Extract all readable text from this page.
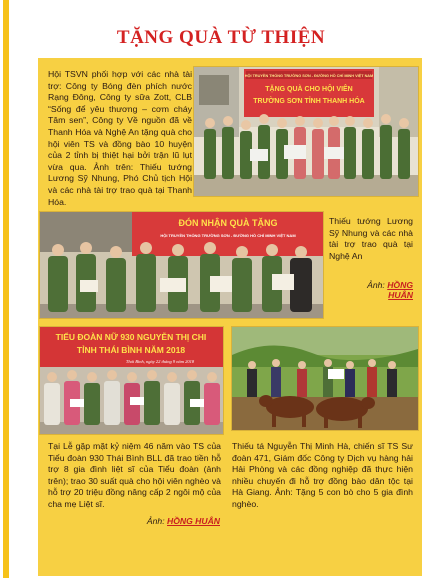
TẶNG QUÀ TỪ THIỆN

Hội TSVN phối hợp với các nhà tài trợ: Công ty Bóng đèn phích nước Rạng Đông, Công ty sữa Zott, CLB “Sống để yêu thương – cơm cháy Tâm sen”, Công ty Về nguồn đã về Thanh Hóa và Nghệ An tặng quà cho hội viên TS và đồng bào 10 huyện của 2 tỉnh bị thiệt hại bởi trận lũ lụt vừa qua. Ảnh trên: Thiếu tướng Lương Sỹ Nhung, Phó Chủ tịch Hội và các nhà tài trợ trao quà tại Thanh Hóa.

HỘI TRUYỀN THỐNG TRƯỜNG SƠN - ĐƯỜNG HỒ CHÍ MINH VIỆT NAM
TẶNG QUÀ CHO HỘI VIÊN
TRƯỜNG SƠN TỈNH THANH HÓA
ĐÓN NHẬN QUÀ TẶNG
HỘI TRUYỀN THỐNG TRƯỜNG SƠN - ĐƯỜNG HỒ CHÍ MINH VIỆT NAM

Thiếu tướng Lương Sỹ Nhung và các nhà tài trợ trao quà tại Nghệ An

Ảnh: HỒNG
HUÂN
TIỂU ĐOÀN NỮ 930 NGUYỄN THỊ CHI
TỈNH THÁI BÌNH NĂM 2018
Thái Bình, ngày 22 tháng 9 năm 2018

Tại Lễ gặp mặt kỷ niệm 46 năm vào TS của Tiểu đoàn 930 Thái Bình BLL đã trao tiền hỗ trợ 8 gia đình liệt sĩ của Tiểu đoàn (ảnh trên); trao 30 suất quà cho hội viên nghèo và hỗ trợ 20 triệu đồng nâng cấp 2 ngôi mộ của cha mẹ Liệt sĩ.

Ảnh: HỒNG HUÂN

Thiếu tá Nguyễn Thị Minh Hà, chiến sĩ TS Sư đoàn 471, Giám đốc Công ty Dịch vụ hàng hải Hải Phòng và các đồng nghiệp đã thực hiện nhiều chuyến đi hỗ trợ đồng bào dân tộc tại Hà Giang. Ảnh: Tặng 5 con bò cho 5 gia đình nghèo.
